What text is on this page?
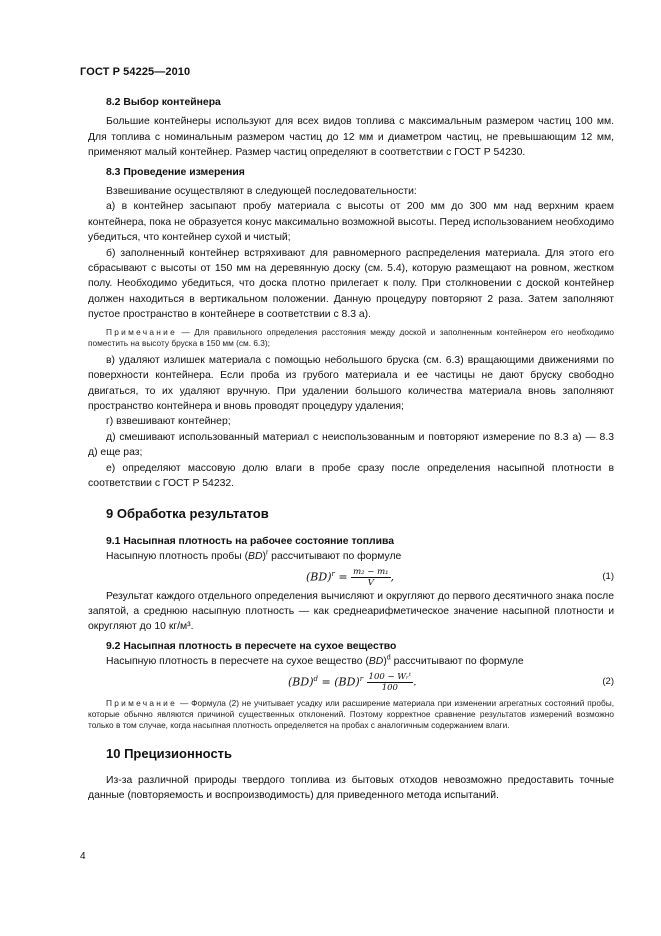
ГОСТ Р 54225—2010

8.2 Выбор контейнера

Большие контейнеры используют для всех видов топлива с максимальным размером частиц 100 мм. Для топлива с номинальным размером частиц до 12 мм и диаметром частиц, не превышающим 12 мм, применяют малый контейнер. Размер частиц определяют в соответствии с ГОСТ Р 54230.

8.3 Проведение измерения

Взвешивание осуществляют в следующей последовательности:

а) в контейнер засыпают пробу материала с высоты от 200 мм до 300 мм над верхним краем контейнера, пока не образуется конус максимально возможной высоты. Перед использованием необходимо убедиться, что контейнер сухой и чистый;

б) заполненный контейнер встряхивают для равномерного распределения материала. Для этого его сбрасывают с высоты от 150 мм на деревянную доску (см. 5.4), которую размещают на ровном, жестком полу. Необходимо убедиться, что доска плотно прилегает к полу. При столкновении с доской контейнер должен находиться в вертикальном положении. Данную процедуру повторяют 2 раза. Затем заполняют пустое пространство в контейнере в соответствии с 8.3 а).

Примечание — Для правильного определения расстояния между доской и заполненным контейнером его необходимо поместить на высоту бруска в 150 мм (см. 6.3);

в) удаляют излишек материала с помощью небольшого бруска (см. 6.3) вращающими движениями по поверхности контейнера. Если проба из грубого материала и ее частицы не дают бруску свободно двигаться, то их удаляют вручную. При удалении большого количества материала вновь заполняют пространство контейнера и вновь проводят процедуру удаления;

г) взвешивают контейнер;

д) смешивают использованный материал с неиспользованным и повторяют измерение по 8.3 а) — 8.3 д) еще раз;

е) определяют массовую долю влаги в пробе сразу после определения насыпной плотности в соответствии с ГОСТ Р 54232.

9 Обработка результатов

9.1 Насыпная плотность на рабочее состояние топлива

Насыпную плотность пробы (BD)$^r$ рассчитывают по формуле

$(BD)^r = \frac{\text{m₂ − m₁}}{V}$ ,	(1)

Результат каждого отдельного определения вычисляют и округляют до первого десятичного знака после запятой, а среднюю насыпную плотность — как среднеарифметическое значение насыпной плотности и округляют до 10 кг/м³.

9.2 Насыпная плотность в пересчете на сухое вещество

Насыпную плотность в пересчете на сухое вещество (BD)$^d$ рассчитывают по формуле

$(BD)^d = (BD)^r \frac{\text{100 − Wᵣᵗ}}{100}$ .	(2)

Примечание — Формула (2) не учитывает усадку или расширение материала при изменении агрегатных состояний пробы, которые обычно являются причиной существенных отклонений. Поэтому корректное сравнение результатов измерений возможно только в том случае, когда насыпная плотность определяется на пробах с аналогичным содержанием влаги.

10 Прецизионность

Из-за различной природы твердого топлива из бытовых отходов невозможно предоставить точные данные (повторяемость и воспроизводимость) для приведенного метода испытаний.

4
